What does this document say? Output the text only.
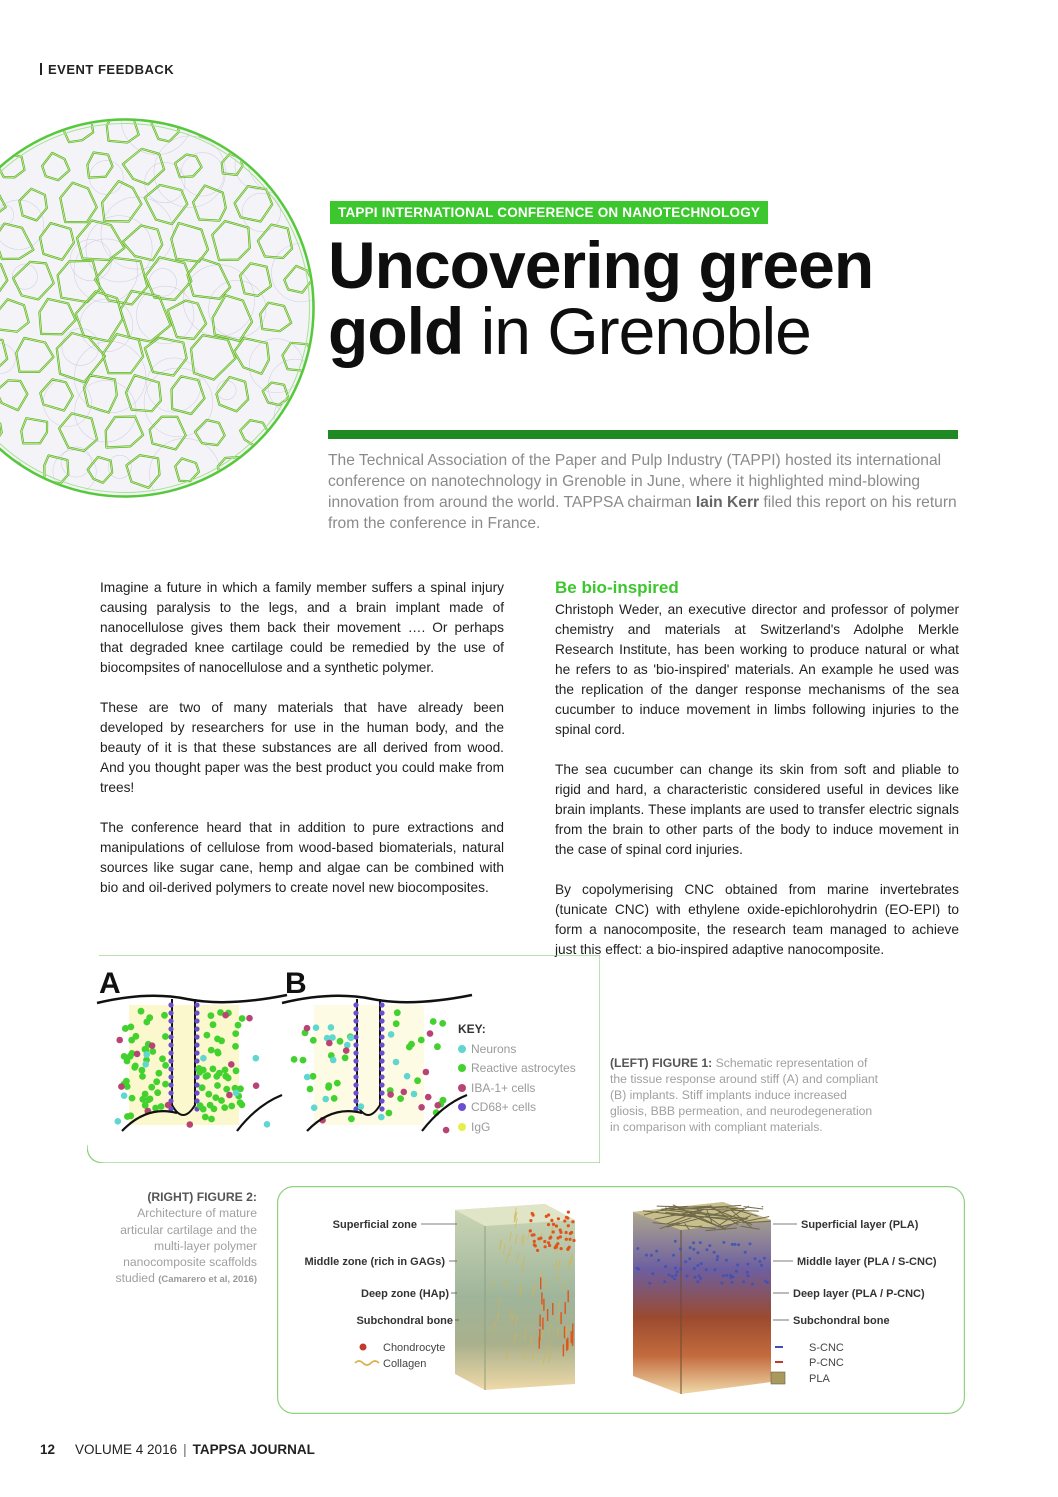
EVENT FEEDBACK
TAPPI INTERNATIONAL CONFERENCE ON NANOTECHNOLOGY
Uncovering green
gold in Grenoble
The Technical Association of the Paper and Pulp Industry (TAPPI) hosted its international conference on nanotechnology in Grenoble in June, where it highlighted mind-blowing innovation from around the world. TAPPSA chairman Iain Kerr filed this report on his return from the conference in France.

Imagine a future in which a family member suffers a spinal injury causing paralysis to the legs, and a brain implant made of nanocellulose gives them back their movement …. Or perhaps that degraded knee cartilage could be remedied by the use of biocompsites of nanocellulose and a synthetic polymer.

These are two of many materials that have already been developed by researchers for use in the human body, and the beauty of it is that these substances are all derived from wood. And you thought paper was the best product you could make from trees!

The conference heard that in addition to pure extractions and manipulations of cellulose from wood-based biomaterials, natural sources like sugar cane, hemp and algae can be combined with bio and oil-derived polymers to create novel new biocomposites.

Be bio-inspired

Christoph Weder, an executive director and professor of polymer chemistry and materials at Switzerland's Adolphe Merkle Research Institute, has been working to produce natural or what he refers to as 'bio-inspired' materials. An example he used was the replication of the danger response mechanisms of the sea cucumber to induce movement in limbs following injuries to the spinal cord.

The sea cucumber can change its skin from soft and pliable to rigid and hard, a characteristic considered useful in devices like brain implants. These implants are used to transfer electric signals from the brain to other parts of the body to induce movement in the case of spinal cord injuries.

By copolymerising CNC obtained from marine invertebrates (tunicate CNC) with ethylene oxide-epichlorohydrin (EO-EPI) to form a nanocomposite, the research team managed to achieve just this effect: a bio-inspired adaptive nanocomposite.

A	B
KEY:
Neurons
Reactive astrocytes
IBA-1+ cells
CD68+ cells
IgG
(LEFT) FIGURE 1: Schematic representation of the tissue response around stiff (A) and compliant (B) implants. Stiff implants induce increased gliosis, BBB permeation, and neurodegeneration in comparison with compliant materials.
(RIGHT) FIGURE 2:
Architecture of mature articular cartilage and the multi-layer polymer nanocomposite scaffolds studied (Camarero et al, 2016)
Superficial zone
Middle zone (rich in GAGs)
Deep zone (HAp)
Subchondral bone
Superficial layer (PLA)
Middle layer (PLA / S-CNC)
Deep layer (PLA / P-CNC)
Subchondral bone
Chondrocyte
Collagen
S-CNC
P-CNC
PLA
12 VOLUME 4 2016 | TAPPSA JOURNAL
